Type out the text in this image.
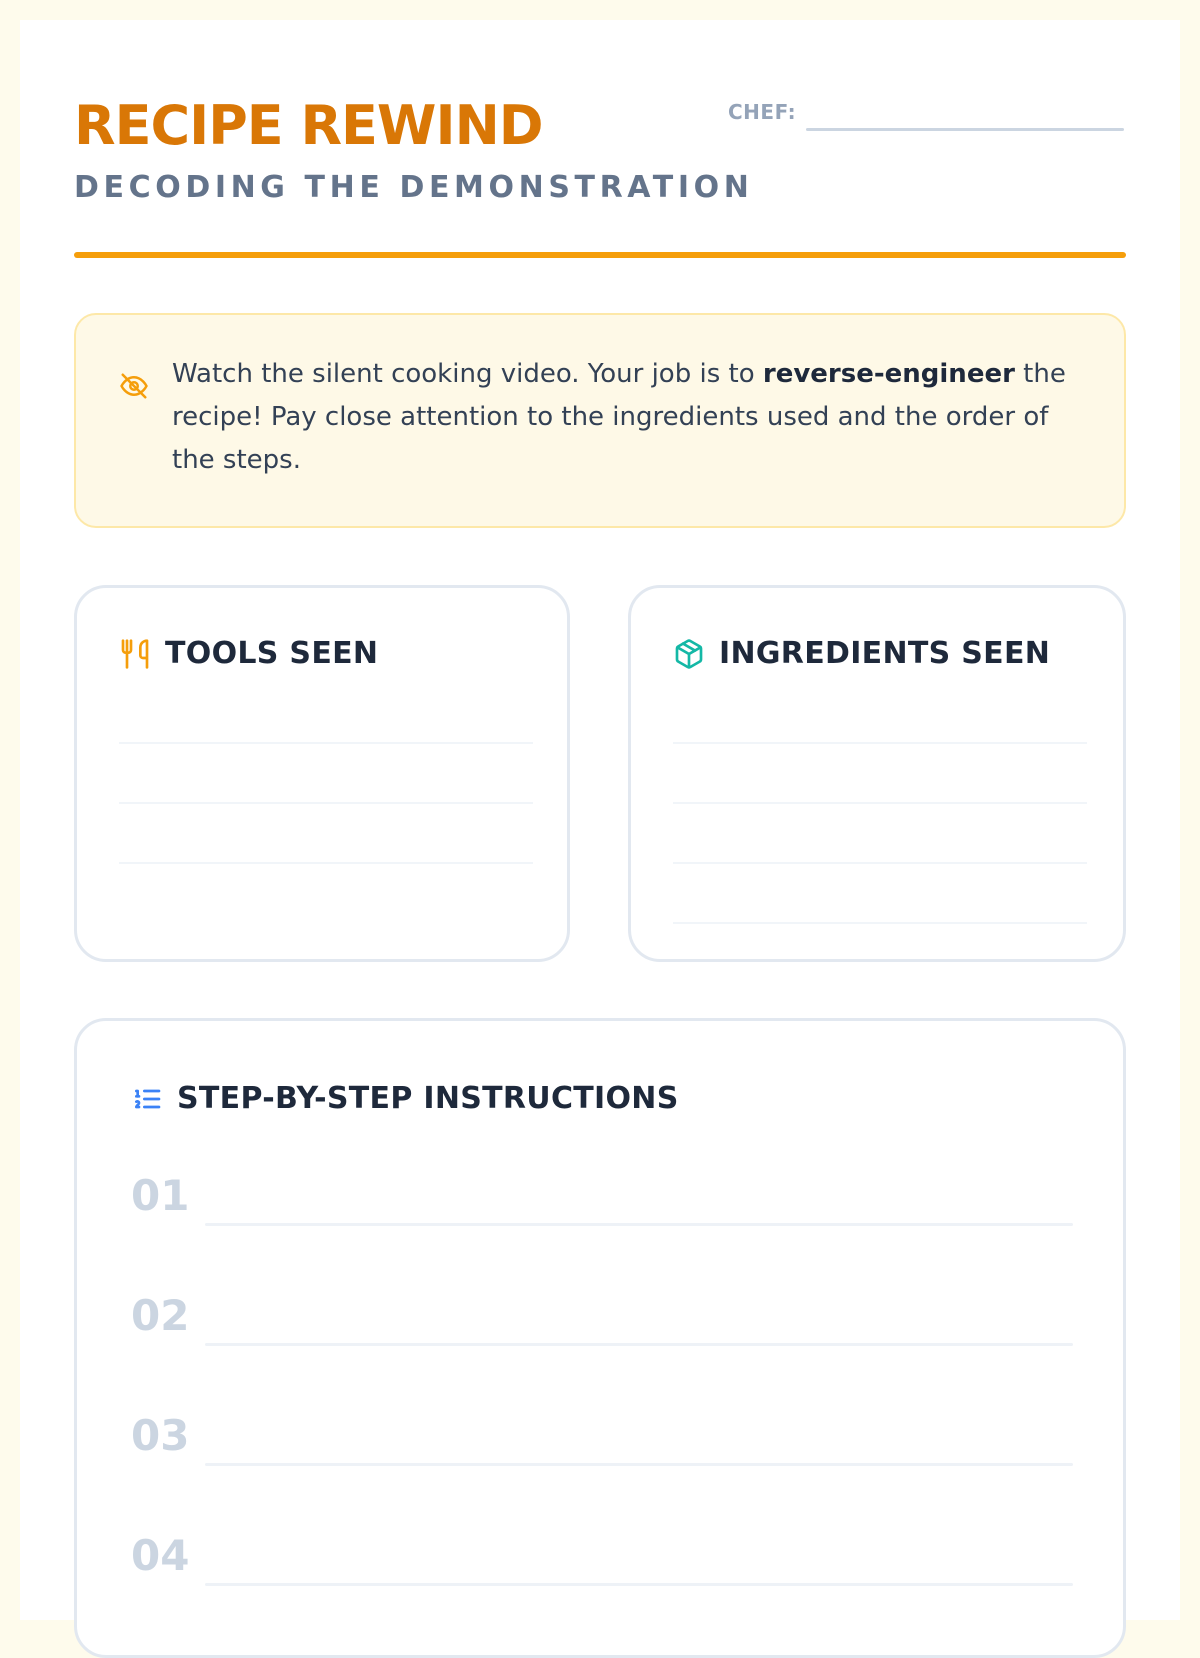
RECIPE REWIND
DECODING THE DEMONSTRATION
CHEF:

Watch the silent cooking video. Your job is to reverse-engineer the recipe! Pay close attention to the ingredients used and the order of the steps.

TOOLS SEEN	INGREDIENTS SEEN
STEP-BY-STEP INSTRUCTIONS
01
02
03
04
